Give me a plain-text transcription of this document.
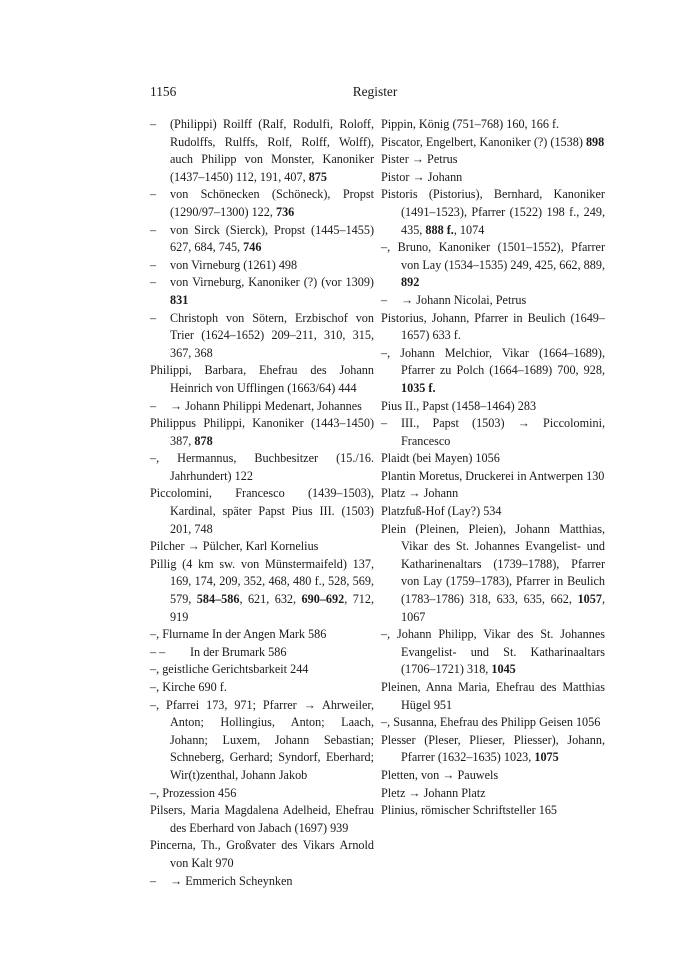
1156	Register
–	(Philippi) Roilff (Ralf, Rodulfi, Roloff, Rudolffs, Rulffs, Rolf, Rolff, Wolff), auch Philipp von Monster, Kanoniker (1437–1450) 112, 191, 407, 875
–	von Schönecken (Schöneck), Propst (1290/97–1300) 122, 736
–	von Sirck (Sierck), Propst (1445–1455) 627, 684, 745, 746
–	von Virneburg (1261) 498
–	von Virneburg, Kanoniker (?) (vor 1309) 831
–	Christoph von Sötern, Erzbischof von Trier (1624–1652) 209–211, 310, 315, 367, 368
Philippi, Barbara, Ehefrau des Johann Heinrich von Ufflingen (1663/64) 444
–	→ Johann Philippi Medenart, Johannes
Philippus Philippi, Kanoniker (1443–1450) 387, 878
–, Hermannus, Buchbesitzer (15./16. Jahrhundert) 122
Piccolomini, Francesco (1439–1503), Kardinal, später Papst Pius III. (1503) 201, 748
Pilcher → Pülcher, Karl Kornelius
Pillig (4 km sw. von Münstermaifeld) 137, 169, 174, 209, 352, 468, 480 f., 528, 569, 579, 584–586, 621, 632, 690–692, 712, 919
–, Flurname In der Angen Mark 586
– –	In der Brumark 586
–, geistliche Gerichtsbarkeit 244
–, Kirche 690 f.
–, Pfarrei 173, 971; Pfarrer → Ahrweiler, Anton; Hollingius, Anton; Laach, Johann; Luxem, Johann Sebastian; Schneberg, Gerhard; Syndorf, Eberhard; Wir(t)zenthal, Johann Jakob
–, Prozession 456
Pilsers, Maria Magdalena Adelheid, Ehefrau des Eberhard von Jabach (1697) 939
Pincerna, Th., Großvater des Vikars Arnold von Kalt 970
–	→ Emmerich Scheynken
Pippin, König (751–768) 160, 166 f.
Piscator, Engelbert, Kanoniker (?) (1538) 898
Pister → Petrus
Pistor → Johann
Pistoris (Pistorius), Bernhard, Kanoniker (1491–1523), Pfarrer (1522) 198 f., 249, 435, 888 f., 1074
–, Bruno, Kanoniker (1501–1552), Pfarrer von Lay (1534–1535) 249, 425, 662, 889, 892
–	→ Johann Nicolai, Petrus
Pistorius, Johann, Pfarrer in Beulich (1649–1657) 633 f.
–, Johann Melchior, Vikar (1664–1689), Pfarrer zu Polch (1664–1689) 700, 928, 1035 f.
Pius II., Papst (1458–1464) 283
–	III., Papst (1503) → Piccolomini, Francesco
Plaidt (bei Mayen) 1056
Plantin Moretus, Druckerei in Antwerpen 130
Platz → Johann
Platzfuß-Hof (Lay?) 534
Plein (Pleinen, Pleien), Johann Matthias, Vikar des St. Johannes Evangelist- und Katharinenaltars (1739–1788), Pfarrer von Lay (1759–1783), Pfarrer in Beulich (1783–1786) 318, 633, 635, 662, 1057, 1067
–, Johann Philipp, Vikar des St. Johannes Evangelist- und St. Katharinaaltars (1706–1721) 318, 1045
Pleinen, Anna Maria, Ehefrau des Matthias Hügel 951
–, Susanna, Ehefrau des Philipp Geisen 1056
Plesser (Pleser, Plieser, Pliesser), Johann, Pfarrer (1632–1635) 1023, 1075
Pletten, von → Pauwels
Pletz → Johann Platz
Plinius, römischer Schriftsteller 165
